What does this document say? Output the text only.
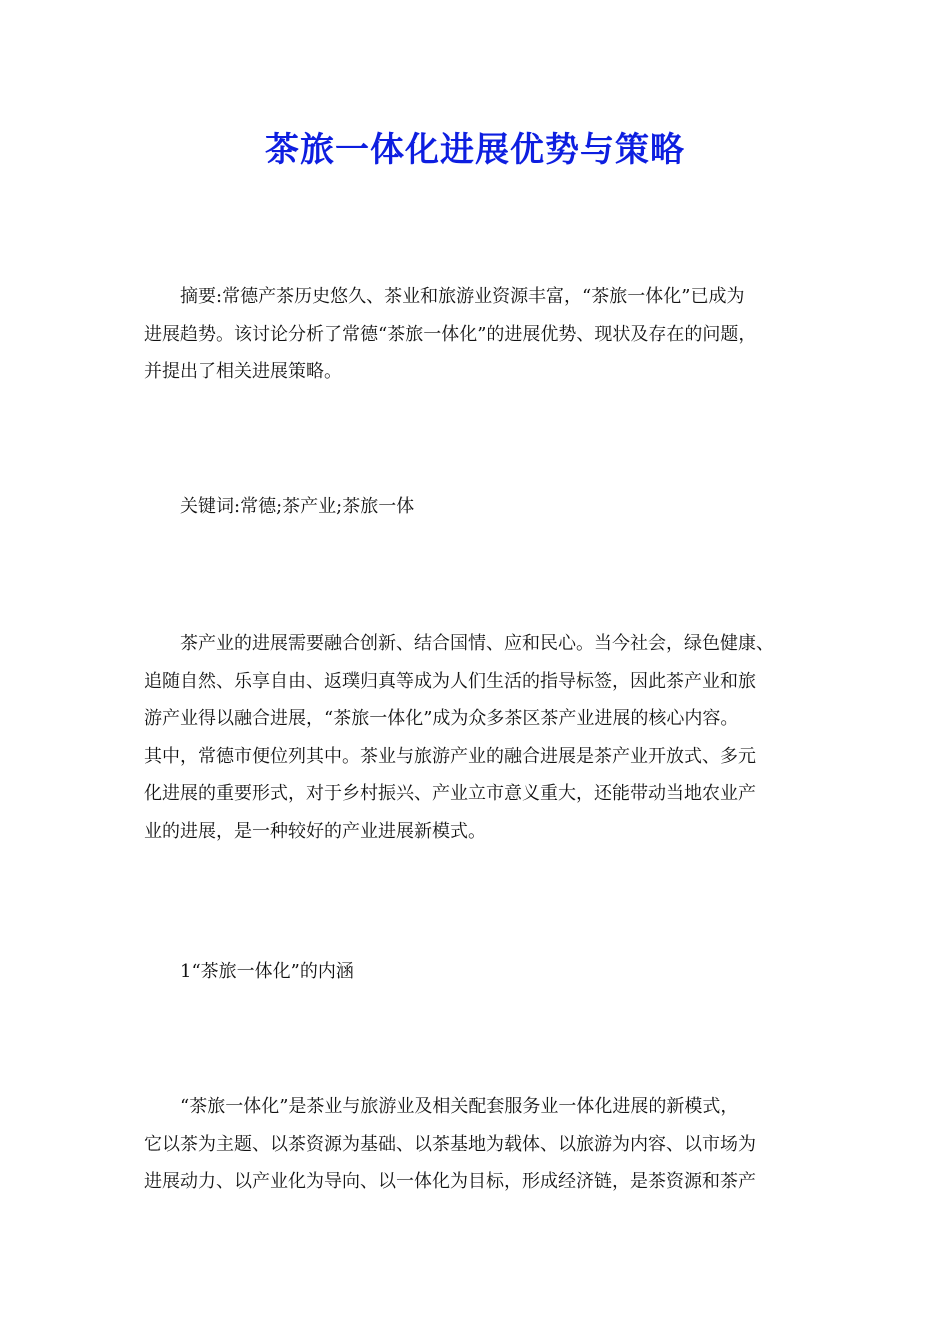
茶旅一体化进展优势与策略

摘要:常德产茶历史悠久、茶业和旅游业资源丰富，“茶旅一体化”已成为
进展趋势。该讨论分析了常德“茶旅一体化”的进展优势、现状及存在的问题，
并提出了相关进展策略。

关键词:常德;茶产业;茶旅一体

茶产业的进展需要融合创新、结合国情、应和民心。当今社会，绿色健康、
追随自然、乐享自由、返璞归真等成为人们生活的指导标签，因此茶产业和旅
游产业得以融合进展，“茶旅一体化”成为众多茶区茶产业进展的核心内容。
其中，常德市便位列其中。茶业与旅游产业的融合进展是茶产业开放式、多元
化进展的重要形式，对于乡村振兴、产业立市意义重大，还能带动当地农业产
业的进展，是一种较好的产业进展新模式。

1“茶旅一体化”的内涵

“茶旅一体化”是茶业与旅游业及相关配套服务业一体化进展的新模式，
它以茶为主题、以茶资源为基础、以茶基地为载体、以旅游为内容、以市场为
进展动力、以产业化为导向、以一体化为目标，形成经济链，是茶资源和茶产
